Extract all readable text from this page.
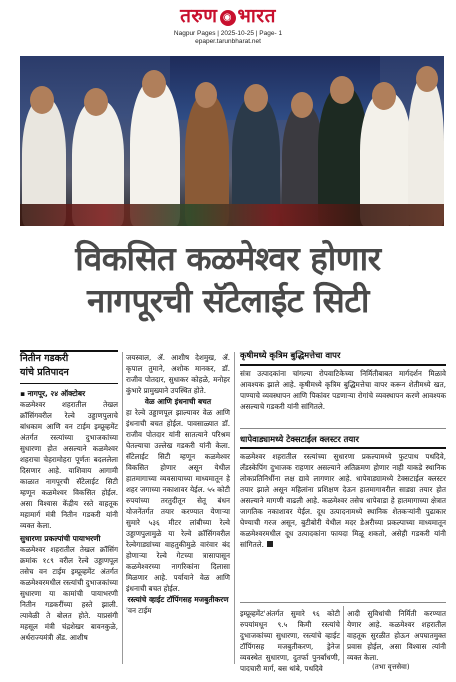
तरुण ◉ भारत
Nagpur Pages | 2025-10-25 | Page- 1
epaper.tarunbharat.net
विकसित कळमेश्वर होणार
नागपूरची सॅटेलाईट सिटी
नितीन गडकरी
यांचे प्रतिपादन

▪ नागपूर, २४ ऑक्टोबर

कळमेश्वर शहरातील तेखल क्रॉसिंगवरील रेल्वे उड्डाणपुलाचे बांधकाम आणि वन टाईम इम्प्रूव्हमेंट अंतर्गत रस्त्यांच्या दुभाजकांच्या सुधारणा होत असल्याने कळमेश्वर शहराचा चेहरामोहरा पूर्णतः बदललेला दिसणार आहे. याशिवाय आगामी काळात नागपूरची सॅटेलाईट सिटी म्हणून कळमेश्वर विकसित होईल. असा विश्वास केंद्रीय रस्ते वाहतूक महामार्ग मंत्री नितीन गडकरी यांनी व्यक्त केला.

सुधारणा प्रकल्पांची पायाभरणी

कळमेश्वर शहरातील तेखल क्रॉसिंग क्रमांक १८९ वरील रेल्वे उड्डाणपूल तसेच वन टाईम इम्प्रूव्हमेंट अंतर्गत कळमेश्वरमधील रस्त्यांची दुभाजकांच्या सुधारणा या कामांची पायाभरणी नितीन गडकरींच्या हस्ते झाली. त्यावेळी ते बोलत होते. याप्रसंगी महसूल मंत्री चंद्रशेखर बावनकुळे, अर्थराज्यमंत्री ॲड. आशीष

जयस्वाल, ॲ. आशीष देशमुख, ॲ. कृपाल तुमाने, अशोक मानकर, डॉ. राजीव पोतदार, सुधाकर कोहळे, मनोहर कुंभारे प्रामुख्याने उपस्थित होते.

वेळ आणि इंधनाची बचत

हा रेल्वे उड्डाणपूल झाल्यावर वेळ आणि इंधनाची बचत होईल. पावसाळ्यात डॉ. राजीव पोतदार यांनी सातत्याने परिश्रम घेतल्याचा उल्लेख गडकरी यांनी केला. सॅटेलाईट सिटी म्हणून कळमेश्वर विकसित होणार असून येथील हातमागाच्या व्यवसायाच्या माध्यमातून हे शहर जगाच्या नकाशावर येईल. ५५ कोटी रुपयांच्या तरतुदीतून सेतू बंधन योजनेंतर्गत तयार करण्यात येणाऱ्या सुमारे ५३६ मीटर लांबीच्या रेल्वे उड्डाणपुलामुळे या रेल्वे क्रॉसिंगवरील रेल्वेगाड्यांच्या वाहतुकीमुळे वारंवार बंद होणाऱ्या रेल्वे गेटच्या त्रासापासून कळमेश्वरच्या नागरिकांना दिलासा मिळणार आहे. पर्यायाने वेळ आणि इंधनाची बचत होईल.

रस्त्यांचे व्हाईट टॉपिंगसह मजबुतीकरण

'वन टाईम

कृषीमध्ये कृत्रिम बुद्धिमत्तेचा वापर

संत्रा उत्पादकांना चांगल्या रोपवाटिकेच्या निर्मितीबाबत मार्गदर्शन मिळावे आवश्यक झाले आहे. कृषीमध्ये कृत्रिम बुद्धिमत्तेचा वापर करून शेतीमध्ये खत, पाण्याचे व्यवस्थापन आणि पिकांवर पडणाऱ्या रोगांचे व्यवस्थापन करणे आवश्यक असल्याचे गडकरी यांनी सांगितले.

धापेवाड्यामध्ये टेक्सटाईल क्लस्टर तयार

कळमेश्वर शहरातील रस्त्यांच्या सुधारणा प्रकल्पामध्ये फुटपाथ पथदिवे, लँडस्केपिंग दुभाजक राहणार असल्याने अतिक्रमण होणार नाही याकडे स्थानिक लोकप्रतिनिधींना लक्ष द्यावे लागणार आहे. धापेवाड्यामध्ये टेक्सटाईल क्लस्टर तयार झाले असून महिलांना प्रशिक्षण देऊन हातमागावरील साड्या तयार होत असल्याने मागणी वाढली आहे. कळमेश्वर तसेच धापेवाडा हे हातमागाच्या क्षेत्रात जागतिक नकाशावर येईल. दूध उत्पादनामध्ये स्थानिक शेतकऱ्यांनी पुढाकार घेण्याची गरज असून, बुटीबोरी येथील मदर डेअरीच्या प्रकल्पाच्या माध्यमातून कळमेश्वरमधील दूध उत्पादकांना फायदा मिळू शकतो, असेही गडकरी यांनी सांगितले.

इम्प्रूव्हमेंट'अंतर्गत सुमारे ९६ कोटी रुपयांमधून ९.५ किमी रस्त्यांचे दुभाजकांच्या सुधारणा, रस्त्यांचे व्हाईट टॉपिंगसह मजबुतीकरण, ड्रेनेज व्यवस्थेत सुधारणा, दुतर्फा पुनर्बांधणी, पादचारी मार्ग, बस थांबे, पथदिवे

आदी सुविधांची निर्मिती करण्यात येणार आहे. कळमेश्वर शहरातील वाहतूक सुरळीत होऊन अपघातमुक्त प्रवास होईल, असा विश्वास त्यांनी व्यक्त केला.

(तभा वृत्तसेवा)
